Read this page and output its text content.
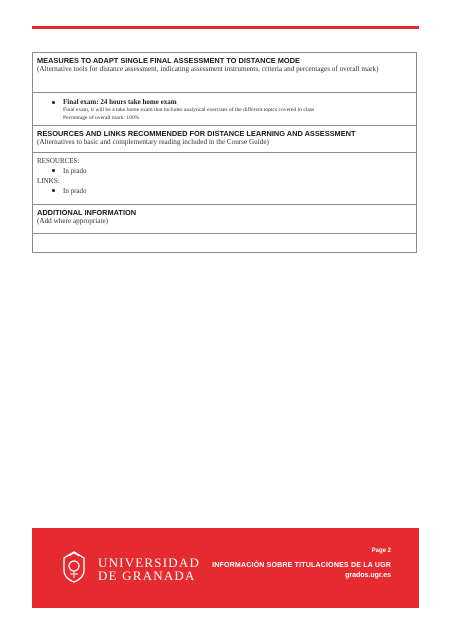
MEASURES TO ADAPT SINGLE FINAL ASSESSMENT TO DISTANCE MODE
(Alternative tools for distance assessment, indicating assessment instruments, criteria and percentages of overall mark)
Final exam: 24 hours take home exam
Final exam, it will be a take home exam that includes analytical exercises of the different topics covered in class
Percentage of overall mark: 100%
RESOURCES AND LINKS RECOMMENDED FOR DISTANCE LEARNING AND ASSESSMENT
(Alternatives to basic and complementary reading included in the Course Guide)
RESOURCES:
In prado
LINKS:
In prado
ADDITIONAL INFORMATION
(Add where appropriate)
UNIVERSIDAD
DE GRANADA
Page 2
INFORMACIÓN SOBRE TITULACIONES DE LA UGR
grados.ugr.es
